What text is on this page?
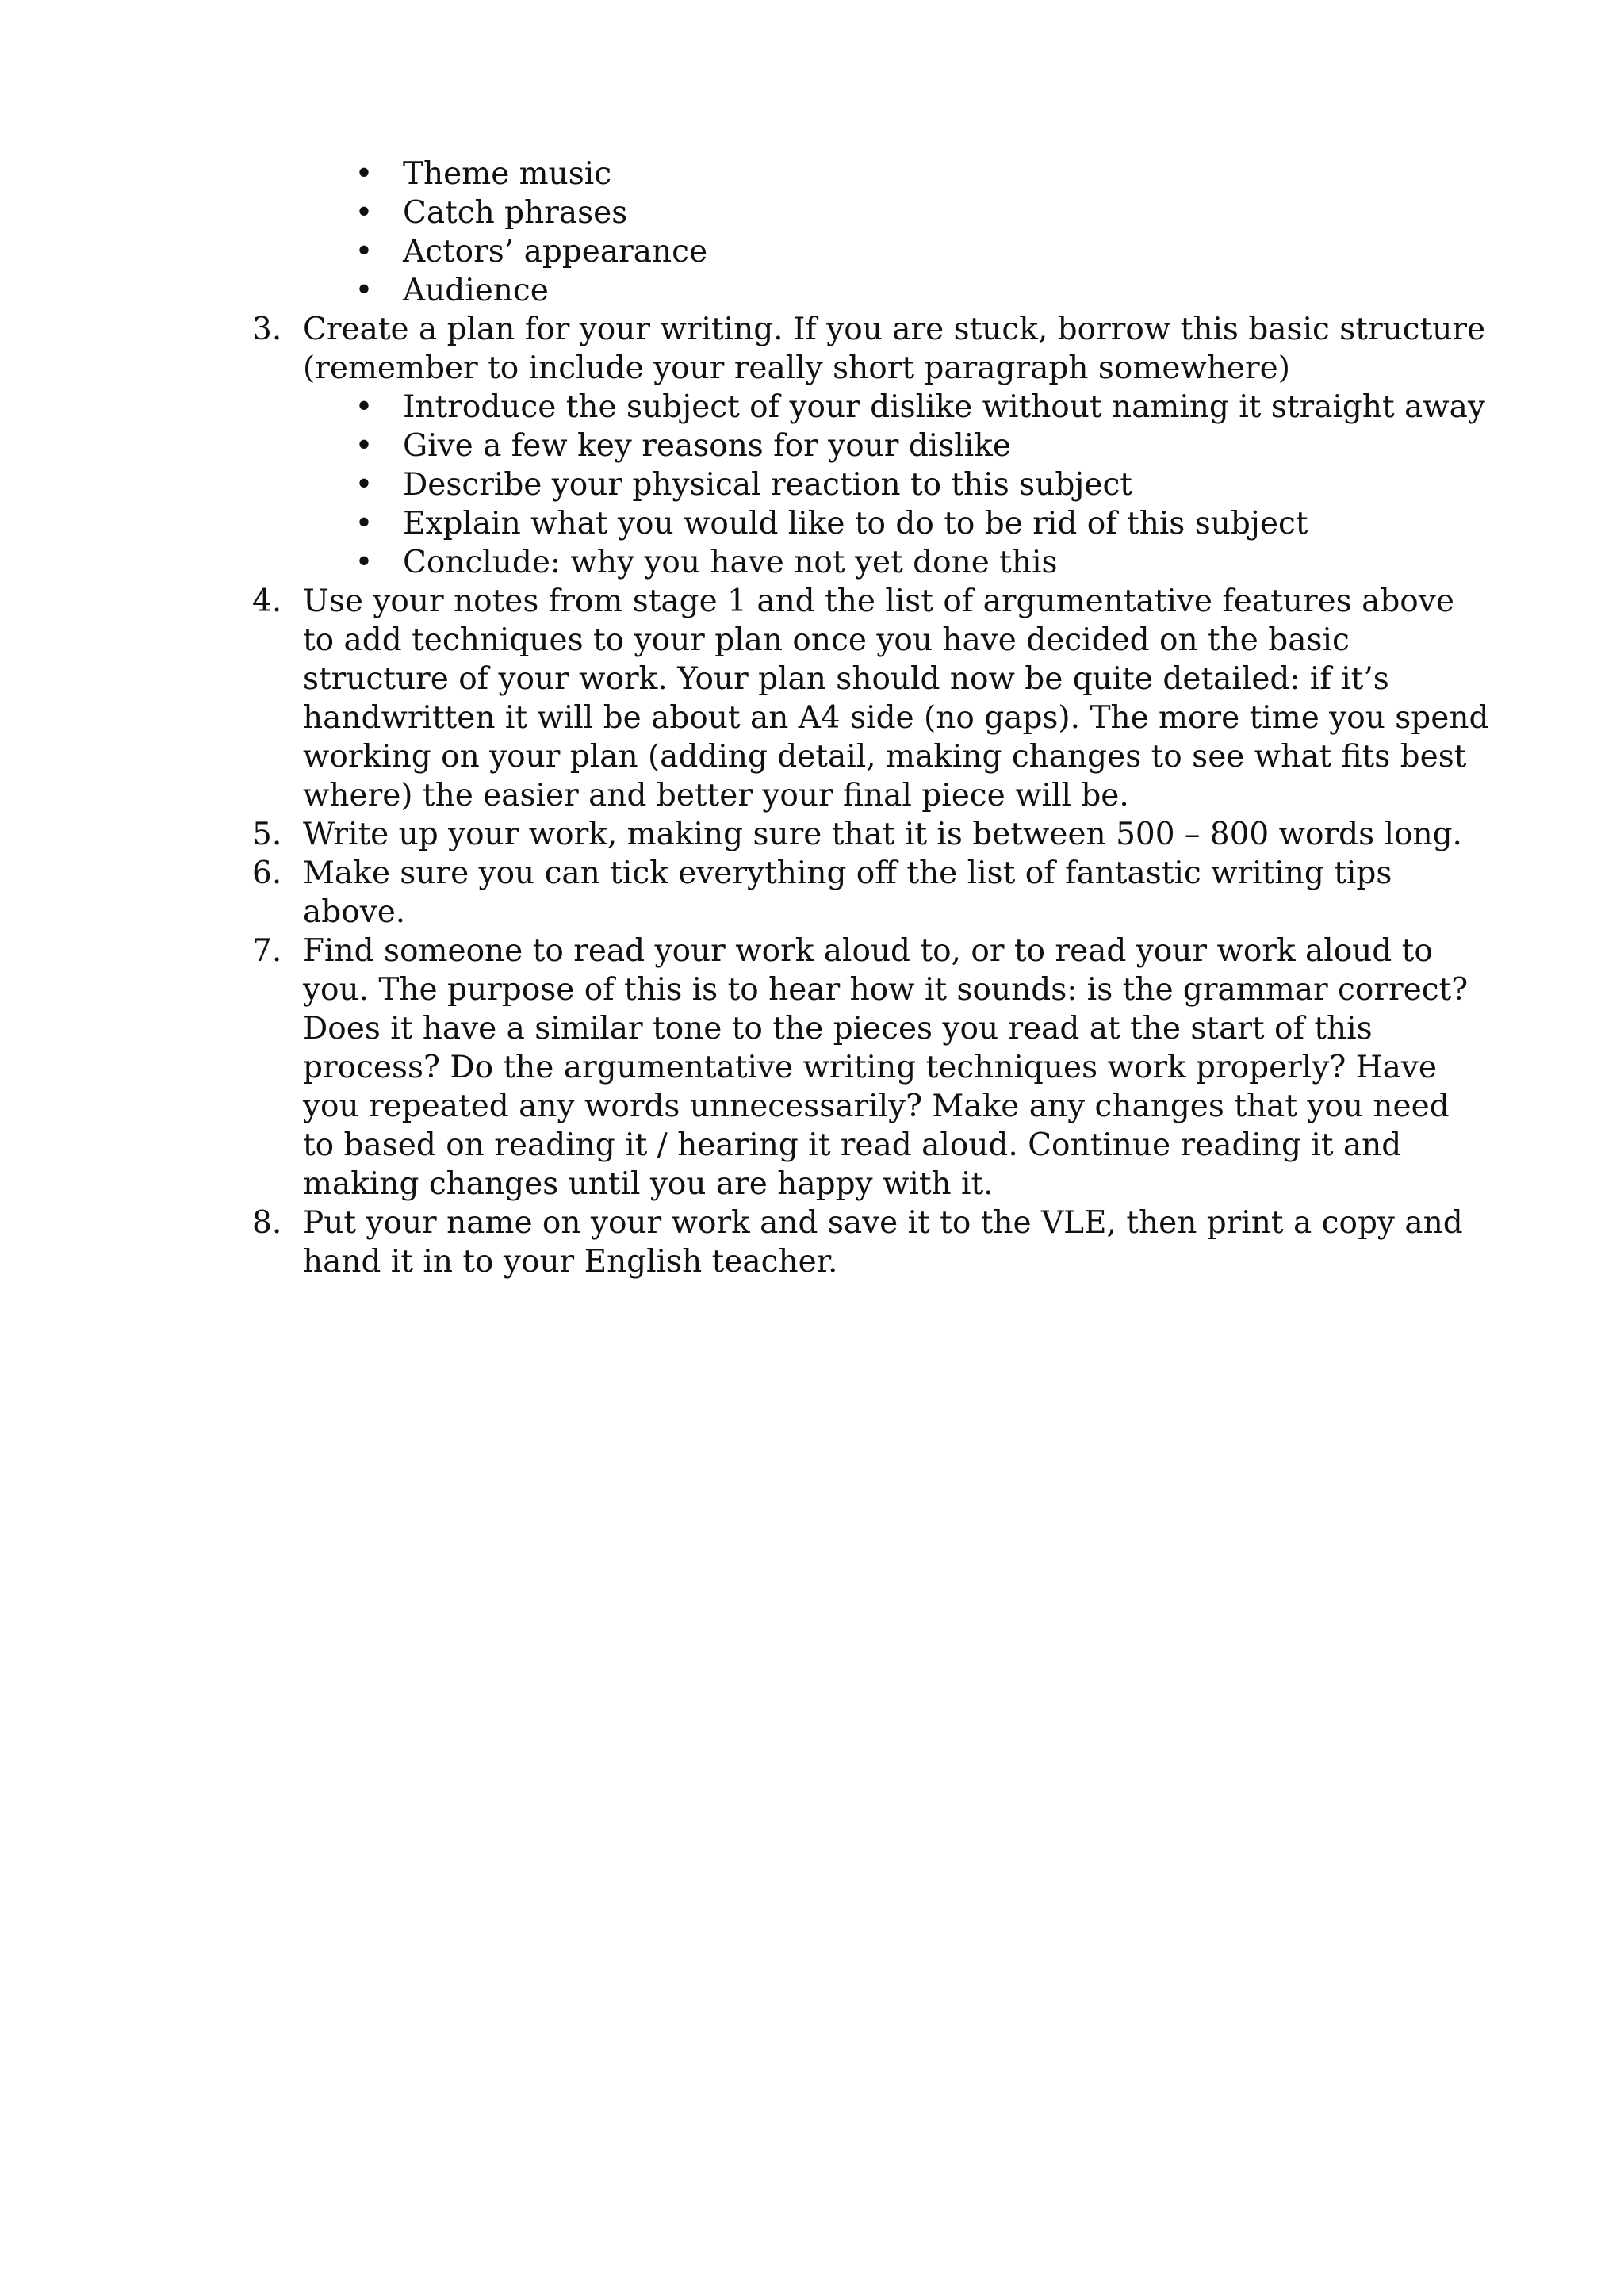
• Theme music
• Catch phrases
• Actors’ appearance
• Audience
3. Create a plan for your writing. If you are stuck, borrow this basic structure (remember to include your really short paragraph somewhere)
• Introduce the subject of your dislike without naming it straight away
• Give a few key reasons for your dislike
• Describe your physical reaction to this subject
• Explain what you would like to do to be rid of this subject
• Conclude: why you have not yet done this
4. Use your notes from stage 1 and the list of argumentative features above to add techniques to your plan once you have decided on the basic structure of your work. Your plan should now be quite detailed: if it’s handwritten it will be about an A4 side (no gaps). The more time you spend working on your plan (adding detail, making changes to see what fits best where) the easier and better your final piece will be.
5. Write up your work, making sure that it is between 500 – 800 words long.
6. Make sure you can tick everything off the list of fantastic writing tips above.
7. Find someone to read your work aloud to, or to read your work aloud to you. The purpose of this is to hear how it sounds: is the grammar correct? Does it have a similar tone to the pieces you read at the start of this process? Do the argumentative writing techniques work properly? Have you repeated any words unnecessarily? Make any changes that you need to based on reading it / hearing it read aloud. Continue reading it and making changes until you are happy with it.
8. Put your name on your work and save it to the VLE, then print a copy and hand it in to your English teacher.
